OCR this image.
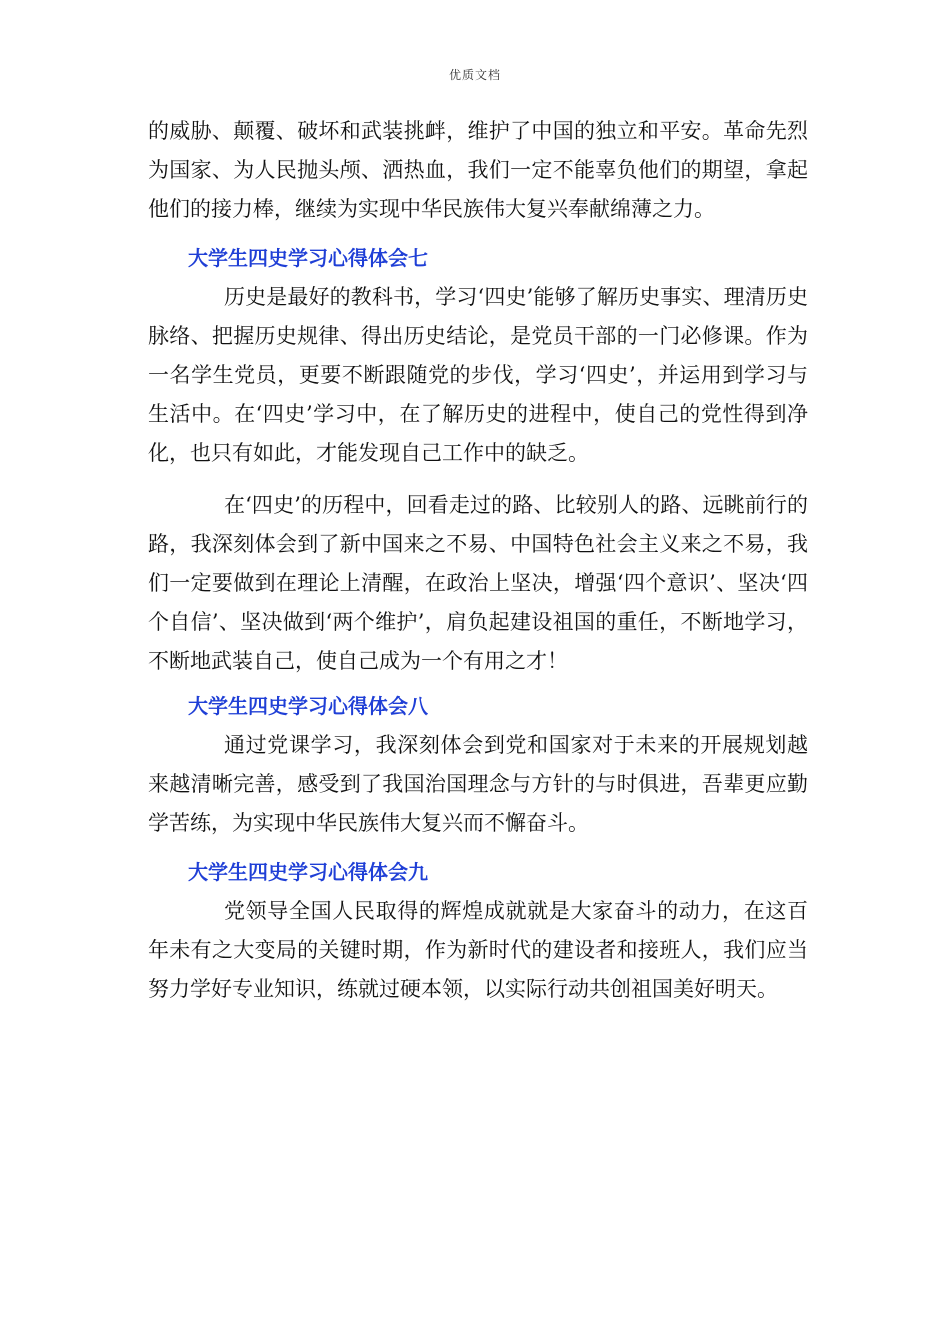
优质文档

的威胁、颠覆、破坏和武装挑衅，维护了中国的独立和平安。革命先烈为国家、为人民抛头颅、洒热血，我们一定不能辜负他们的期望，拿起他们的接力棒，继续为实现中华民族伟大复兴奉献绵薄之力。

大学生四史学习心得体会七

历史是最好的教科书，学习‘四史’能够了解历史事实、理清历史脉络、把握历史规律、得出历史结论，是党员干部的一门必修课。作为一名学生党员，更要不断跟随党的步伐，学习‘四史’，并运用到学习与生活中。在‘四史’学习中，在了解历史的进程中，使自己的党性得到净化，也只有如此，才能发现自己工作中的缺乏。

在‘四史’的历程中，回看走过的路、比较别人的路、远眺前行的路，我深刻体会到了新中国来之不易、中国特色社会主义来之不易，我们一定要做到在理论上清醒，在政治上坚决，增强‘四个意识’、坚决‘四个自信’、坚决做到‘两个维护’，肩负起建设祖国的重任，不断地学习，不断地武装自己，使自己成为一个有用之才！

大学生四史学习心得体会八

通过党课学习，我深刻体会到党和国家对于未来的开展规划越来越清晰完善，感受到了我国治国理念与方针的与时俱进，吾辈更应勤学苦练，为实现中华民族伟大复兴而不懈奋斗。

大学生四史学习心得体会九

党领导全国人民取得的辉煌成就就是大家奋斗的动力，在这百年未有之大变局的关键时期，作为新时代的建设者和接班人，我们应当努力学好专业知识，练就过硬本领，以实际行动共创祖国美好明天。
